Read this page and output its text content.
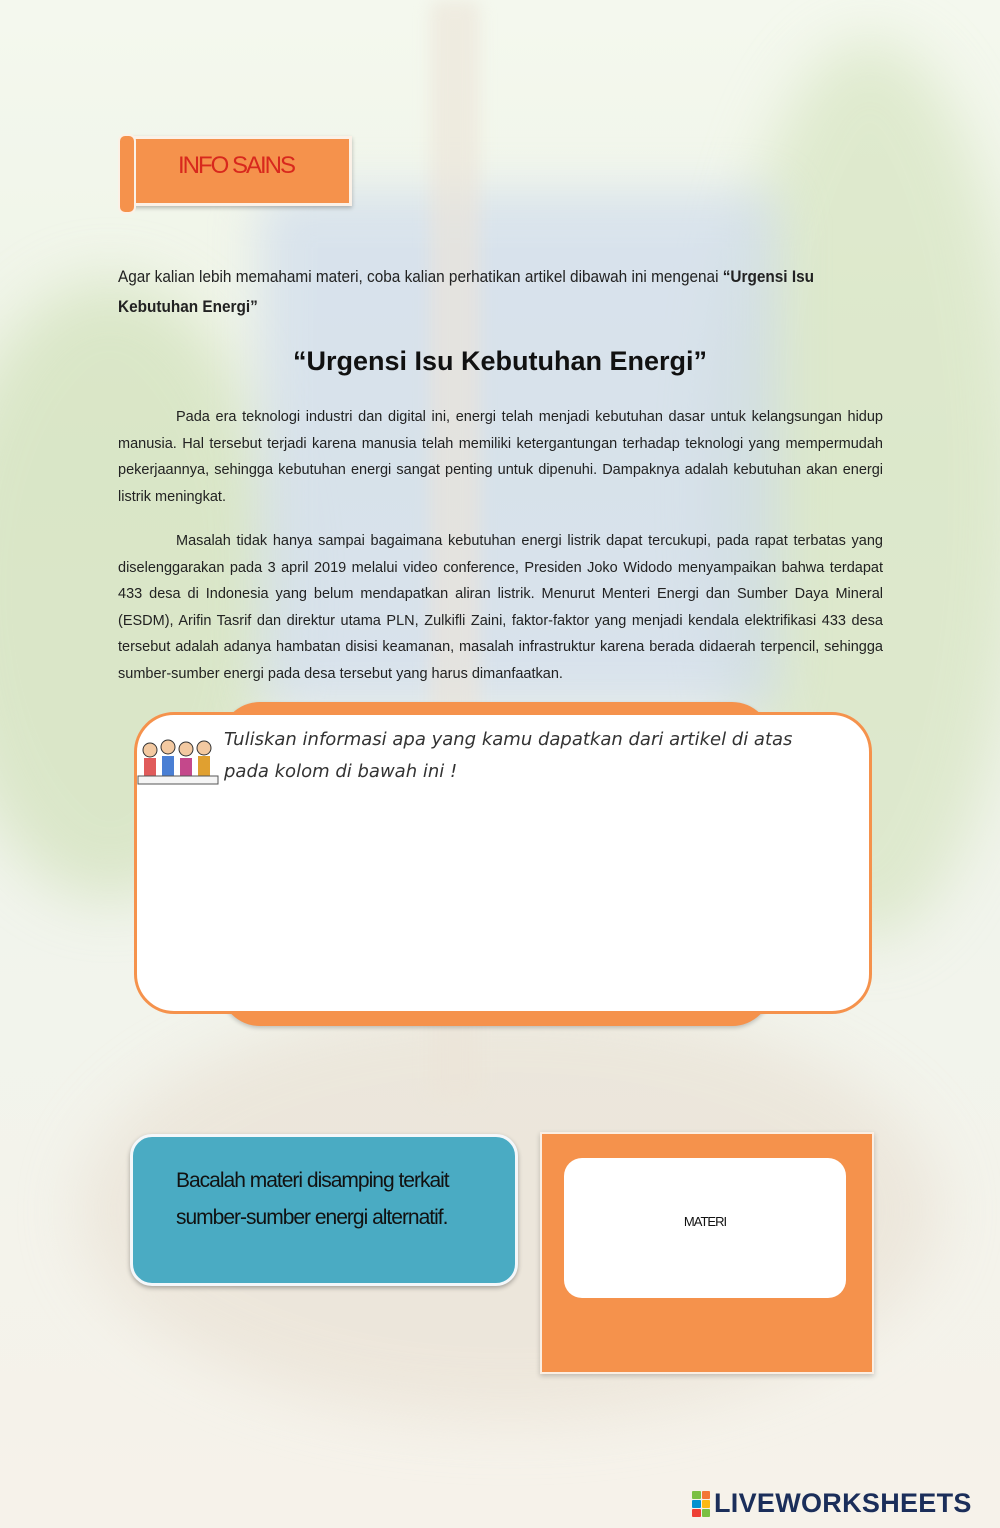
INFO SAINS

Agar kalian lebih memahami materi, coba kalian perhatikan artikel dibawah ini mengenai “Urgensi Isu Kebutuhan Energi”

“Urgensi Isu Kebutuhan Energi”

Pada era teknologi industri dan digital ini, energi telah menjadi kebutuhan dasar untuk kelangsungan hidup manusia. Hal tersebut terjadi karena manusia telah memiliki ketergantungan terhadap teknologi yang mempermudah pekerjaannya, sehingga kebutuhan energi sangat penting untuk dipenuhi. Dampaknya adalah kebutuhan akan energi listrik meningkat.

Masalah tidak hanya sampai bagaimana kebutuhan energi listrik dapat tercukupi, pada rapat terbatas yang diselenggarakan pada 3 april 2019 melalui video conference, Presiden Joko Widodo menyampaikan bahwa terdapat 433 desa di Indonesia yang belum mendapatkan aliran listrik. Menurut Menteri Energi dan Sumber Daya Mineral (ESDM), Arifin Tasrif dan direktur utama PLN, Zulkifli Zaini, faktor-faktor yang menjadi kendala elektrifikasi 433 desa tersebut adalah adanya hambatan disisi keamanan, masalah infrastruktur karena berada didaerah terpencil, sehingga sumber-sumber energi pada desa tersebut yang harus dimanfaatkan.

Tuliskan informasi apa yang kamu dapatkan dari artikel di atas
pada kolom di bawah ini !
Bacalah materi disamping terkait
sumber-sumber energi alternatif.	MATERI
LIVEWORKSHEETS
